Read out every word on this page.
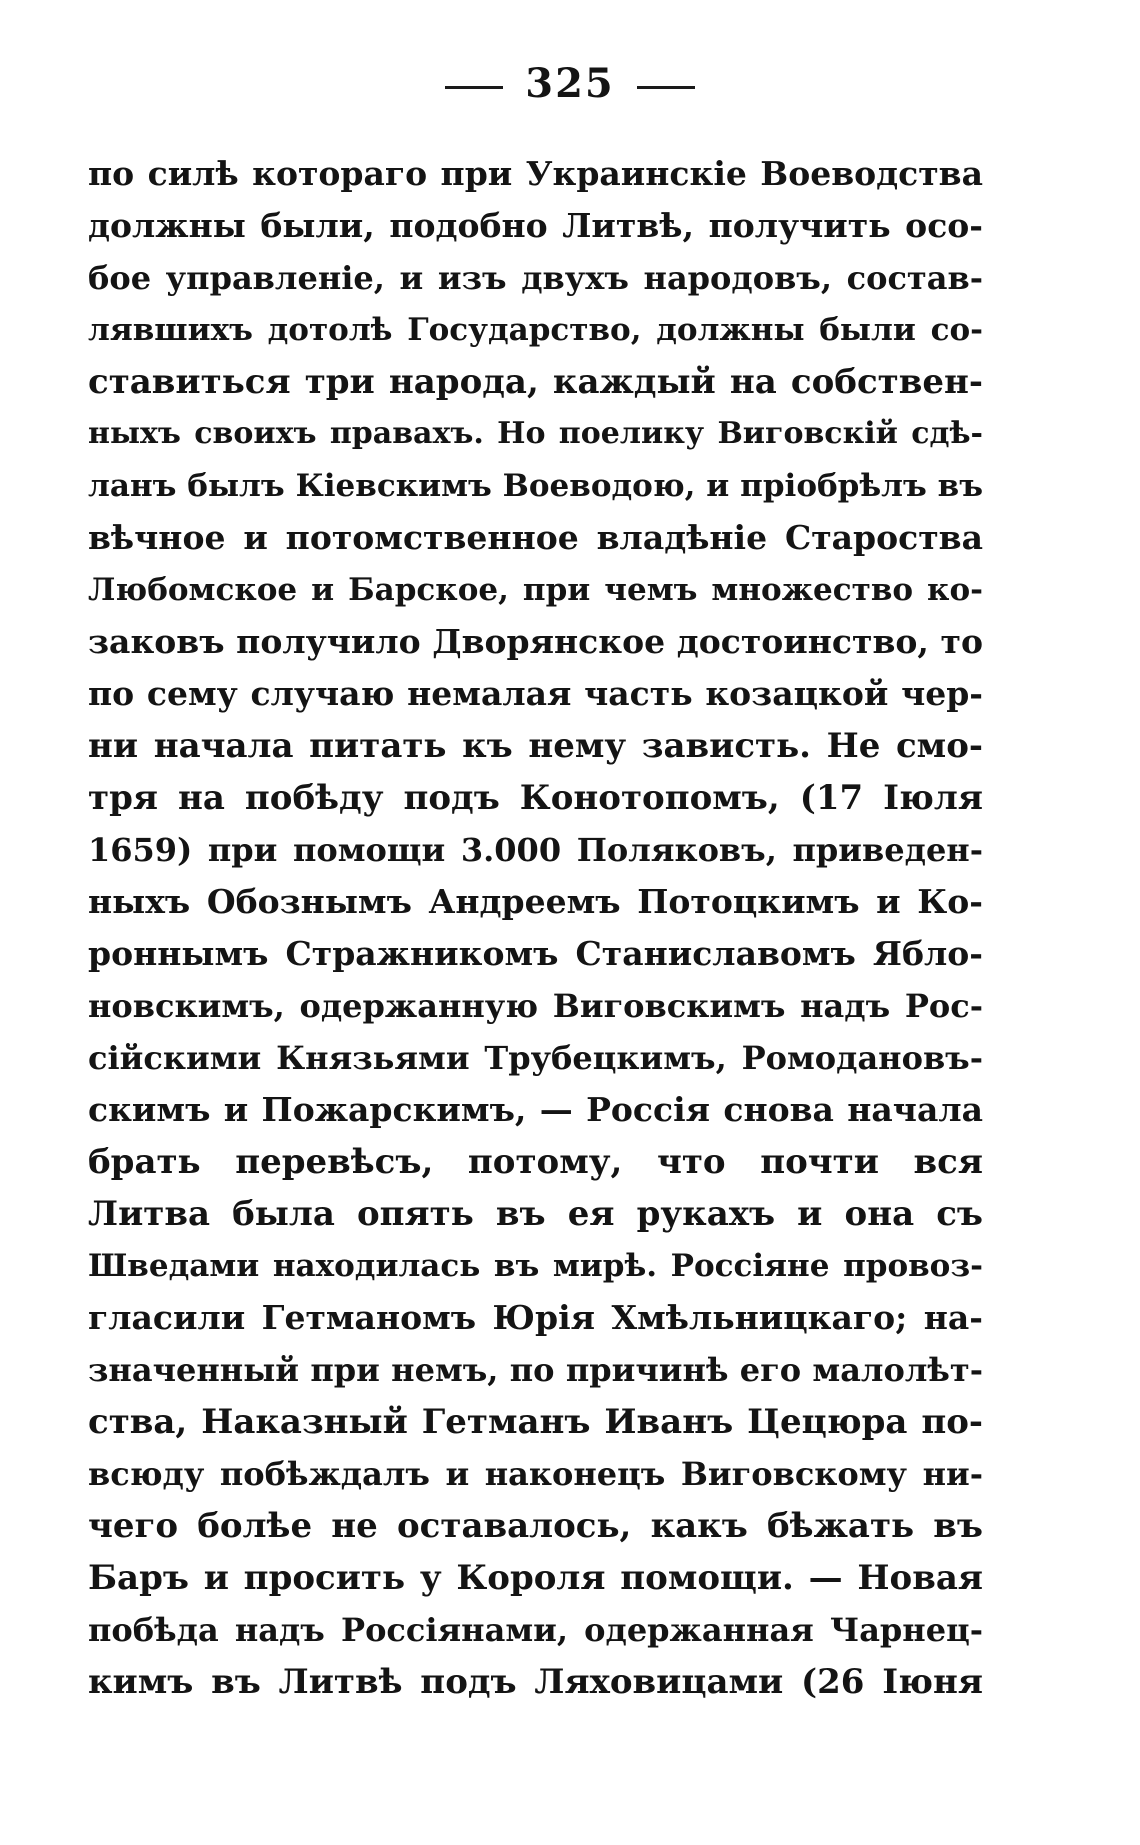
325
по силѣ котораго при Украинскіе Воеводства
должны были, подобно Литвѣ, получить осо-
бое управленіе, и изъ двухъ народовъ, состав-
лявшихъ дотолѣ Государство, должны были со-
ставиться три народа, каждый на собствен-
ныхъ своихъ правахъ. Но поелику Виговскій сдѣ-
ланъ былъ Кіевскимъ Воеводою, и пріобрѣлъ въ
вѣчное и потомственное владѣніе Староства
Любомское и Барское, при чемъ множество ко-
заковъ получило Дворянское достоинство, то
по сему случаю немалая часть козацкой чер-
ни начала питать къ нему зависть. Не смо-
тря на побѣду подъ Конотопомъ, (17 Іюля
1659) при помощи 3.000 Поляковъ, приведен-
ныхъ Обознымъ Андреемъ Потоцкимъ и Ко-
роннымъ Стражникомъ Станиславомъ Ябло-
новскимъ, одержанную Виговскимъ надъ Рос-
сійскими Князьями Трубецкимъ, Ромодановъ-
скимъ и Пожарскимъ, — Россія снова начала
брать перевѣсъ, потому, что почти вся
Литва была опять въ ея рукахъ и она съ
Шведами находилась въ мирѣ. Россіяне провоз-
гласили Гетманомъ Юрія Хмѣльницкаго; на-
значенный при немъ, по причинѣ его малолѣт-
ства, Наказный Гетманъ Иванъ Цецюра по-
всюду побѣждалъ и наконецъ Виговскому ни-
чего болѣе не оставалось, какъ бѣжать въ
Баръ и просить у Короля помощи. — Новая
побѣда надъ Россіянами, одержанная Чарнец-
кимъ въ Литвѣ подъ Ляховицами (26 Іюня
